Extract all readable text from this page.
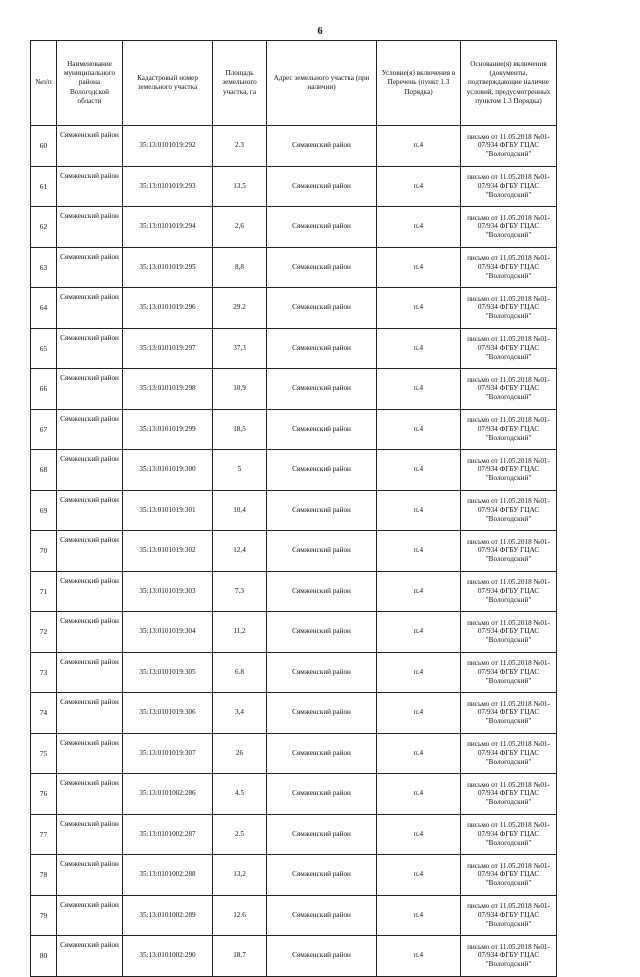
6
№п/п	Наименование муниципального района Вологодской области	Кадастровый номер земельного участка	Площадь земельного участка, га	Адрес земельного участка (при наличии)	Условие(я) включения в Перечень (пункт 1.3 Порядка)	Основание(я) включения (документы, подтверждающие наличие условий, предусмотренных пунктом 1.3 Порядка)
60	Сямженский район	35:13:0101019:292	2.3	Сямженский район	п.4	письмо от 11.05.2018 №01-07/934 ФГБУ ГЦАС "Вологодский"
61	Сямженский район	35:13:0101019:293	13.5	Сямженский район	п.4	письмо от 11.05.2018 №01-07/934 ФГБУ ГЦАС "Вологодский"
62	Сямженский район	35:13:0101019:294	2,6	Сямженский район	п.4	письмо от 11.05.2018 №01-07/934 ФГБУ ГЦАС "Вологодский"
63	Сямженский район	35:13:0101019:295	8,8	Сямженский район	п.4	письмо от 11.05.2018 №01-07/934 ФГБУ ГЦАС "Вологодский"
64	Сямженский район	35:13:0101019:296	29.2	Сямженский район	п.4	письмо от 11.05.2018 №01-07/934 ФГБУ ГЦАС "Вологодский"
65	Сямженский район	35:13:0101019:297	37,3	Сямженский район	п.4	письмо от 11.05.2018 №01-07/934 ФГБУ ГЦАС "Вологодский"
66	Сямженский район	35:13:0101019:298	10,9	Сямженский район	п.4	письмо от 11.05.2018 №01-07/934 ФГБУ ГЦАС "Вологодский"
67	Сямженский район	35:13:0101019:299	18,5	Сямженский район	п.4	письмо от 11.05.2018 №01-07/934 ФГБУ ГЦАС "Вологодский"
68	Сямженский район	35:13:0101019:300	5	Сямженский район	п.4	письмо от 11.05.2018 №01-07/934 ФГБУ ГЦАС "Вологодский"
69	Сямженский район	35:13:0101019:301	10,4	Сямженский район	п.4	письмо от 11.05.2018 №01-07/934 ФГБУ ГЦАС "Вологодский"
70	Сямженский район	35:13:0101019:302	12,4	Сямженский район	п.4	письмо от 11.05.2018 №01-07/934 ФГБУ ГЦАС "Вологодский"
71	Сямженский район	35:13:0101019:303	7.3	Сямженский район	п.4	письмо от 11.05.2018 №01-07/934 ФГБУ ГЦАС "Вологодский"
72	Сямженский район	35:13:0101019:304	11,2	Сямженский район	п.4	письмо от 11.05.2018 №01-07/934 ФГБУ ГЦАС "Вологодский"
73	Сямженский район	35:13:0101019:305	6.8	Сямженский район	п.4	письмо от 11.05.2018 №01-07/934 ФГБУ ГЦАС "Вологодский"
74	Сямженский район	35:13:0101019:306	3,4	Сямженский район	п.4	письмо от 11.05.2018 №01-07/934 ФГБУ ГЦАС "Вологодский"
75	Сямженский район	35:13:0101019:307	26	Сямженский район	п.4	письмо от 11.05.2018 №01-07/934 ФГБУ ГЦАС "Вологодский"
76	Сямженский район	35:13:0101002:286	4.5	Сямженский район	п.4	письмо от 11.05.2018 №01-07/934 ФГБУ ГЦАС "Вологодский"
77	Сямженский район	35:13:0101002:287	2.5	Сямженский район	п.4	письмо от 11.05.2018 №01-07/934 ФГБУ ГЦАС "Вологодский"
78	Сямженский район	35:13:0101002:288	13,2	Сямженский район	п.4	письмо от 11.05.2018 №01-07/934 ФГБУ ГЦАС "Вологодский"
79	Сямженский район	35:13:0101002:289	12.6	Сямженский район	п.4	письмо от 11.05.2018 №01-07/934 ФГБУ ГЦАС "Вологодский"
80	Сямженский район	35:13:0101002:290	18,7	Сямженский район	п.4	письмо от 11.05.2018 №01-07/934 ФГБУ ГЦАС "Вологодский"
